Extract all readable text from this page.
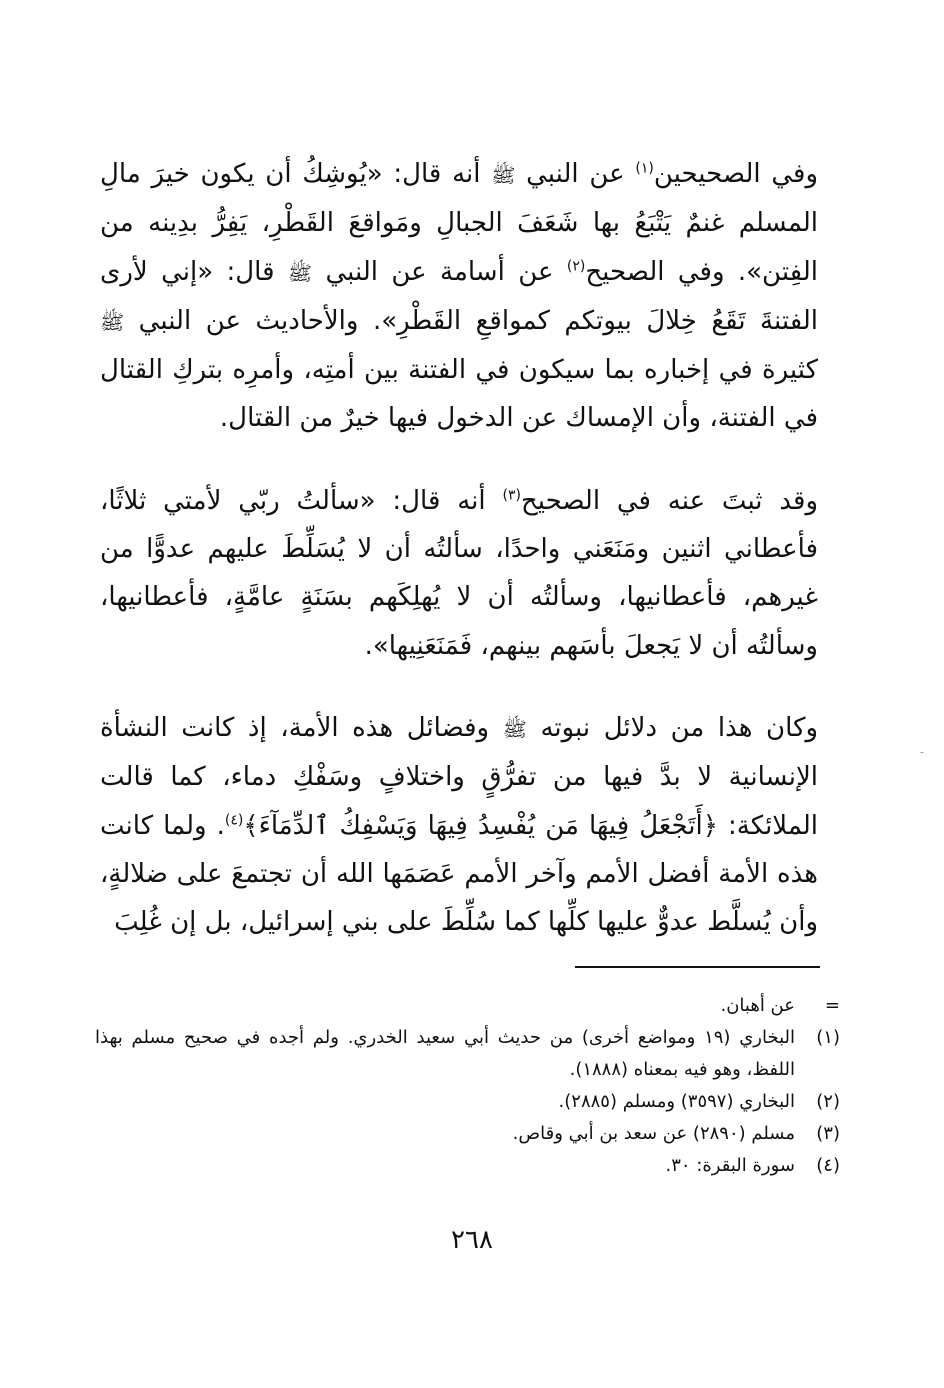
وفي الصحيحين$^{(١)}$ عن النبي ﷺ أنه قال: «يُوشِكُ أن يكون خيرَ مالِ المسلم غنمٌ يَتْبَعُ بها شَعَفَ الجبالِ ومَواقعَ القَطْرِ، يَفِرُّ بدِينه من الفِتن». وفي الصحيح$^{(٢)}$ عن أسامة عن النبي ﷺ قال: «إني لأرى الفتنةَ تَقَعُ خِلالَ بيوتكم كمواقعِ القَطْرِ». والأحاديث عن النبي ﷺ كثيرة في إخباره بما سيكون في الفتنة بين أمتِه، وأمرِه بتركِ القتال في الفتنة، وأن الإمساك عن الدخول فيها خيرٌ من القتال.

وقد ثبتَ عنه في الصحيح$^{(٣)}$ أنه قال: «سألتُ ربّي لأمتي ثلاثًا، فأعطاني اثنين ومَنَعَني واحدًا، سألتُه أن لا يُسَلِّطَ عليهم عدوًّا من غيرهم، فأعطانيها، وسألتُه أن لا يُهلِكَهم بسَنَةٍ عامَّةٍ، فأعطانيها، وسألتُه أن لا يَجعلَ بأسَهم بينهم، فَمَنَعَنِيها».

وكان هذا من دلائل نبوته ﷺ وفضائل هذه الأمة، إذ كانت النشأة الإنسانية لا بدَّ فيها من تفرُّقٍ واختلافٍ وسَفْكِ دماء، كما قالت الملائكة: ﴿أَتَجْعَلُ فِيهَا مَن يُفْسِدُ فِيهَا وَيَسْفِكُ ٱلدِّمَآءَ﴾$^{(٤)}$. ولما كانت هذه الأمة أفضل الأمم وآخر الأمم عَصَمَها الله أن تجتمعَ على ضلالةٍ، وأن يُسلَّط عدوٌّ عليها كلِّها كما سُلِّطَ على بني إسرائيل، بل إن غُلِبَ

=
عن أهبان.
(١)
البخاري (١٩ ومواضع أخرى) من حديث أبي سعيد الخدري. ولم أجده في صحيح مسلم بهذا اللفظ، وهو فيه بمعناه (١٨٨٨).
(٢)
البخاري (٣٥٩٧) ومسلم (٢٨٨٥).
(٣)
مسلم (٢٨٩٠) عن سعد بن أبي وقاص.
(٤)
سورة البقرة: ٣٠.
٢٦٨
-
